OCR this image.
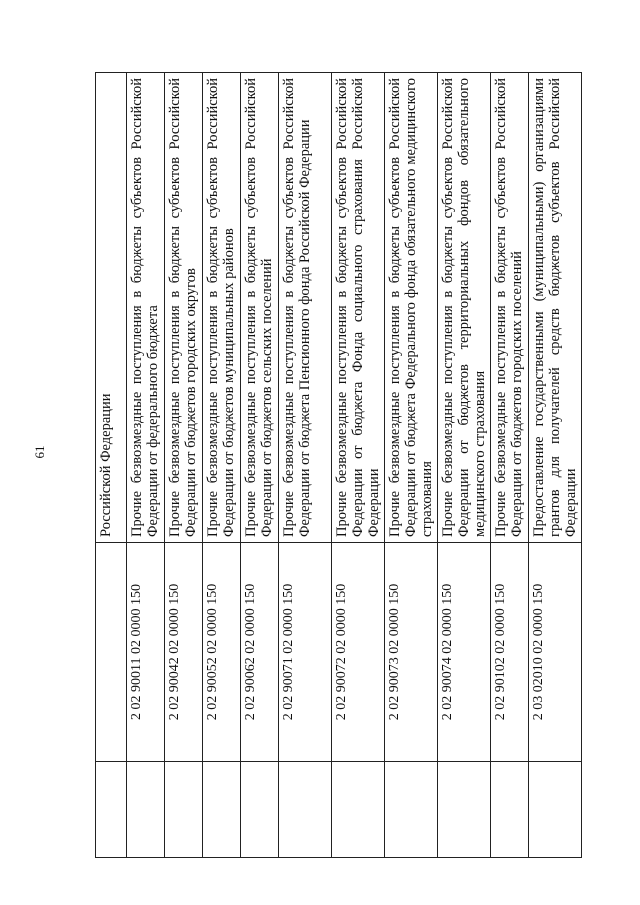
61
			Российской Федерации
	2 02 90011 02 0000 150	Прочие безвозмездные поступления в бюджеты субъектов Российской Федерации от федерального бюджета
	2 02 90042 02 0000 150	Прочие безвозмездные поступления в бюджеты субъектов Российской Федерации от бюджетов городских округов
	2 02 90052 02 0000 150	Прочие безвозмездные поступления в бюджеты субъектов Российской Федерации от бюджетов муниципальных районов
	2 02 90062 02 0000 150	Прочие безвозмездные поступления в бюджеты субъектов Российской Федерации от бюджетов сельских поселений
	2 02 90071 02 0000 150	Прочие безвозмездные поступления в бюджеты субъектов Российской Федерации от бюджета Пенсионного фонда Российской Федерации
	2 02 90072 02 0000 150	Прочие безвозмездные поступления в бюджеты субъектов Российской Федерации от бюджета Фонда социального страхования Российской Федерации
	2 02 90073 02 0000 150	Прочие безвозмездные поступления в бюджеты субъектов Российской Федерации от бюджета Федерального фонда обязательного медицинского страхования
	2 02 90074 02 0000 150	Прочие безвозмездные поступления в бюджеты субъектов Российской Федерации от бюджетов территориальных фондов обязательного медицинского страхования
	2 02 90102 02 0000 150	Прочие безвозмездные поступления в бюджеты субъектов Российской Федерации от бюджетов городских поселений
	2 03 02010 02 0000 150	Предоставление государственными (муниципальными) организациями грантов для получателей средств бюджетов субъектов Российской Федерации
